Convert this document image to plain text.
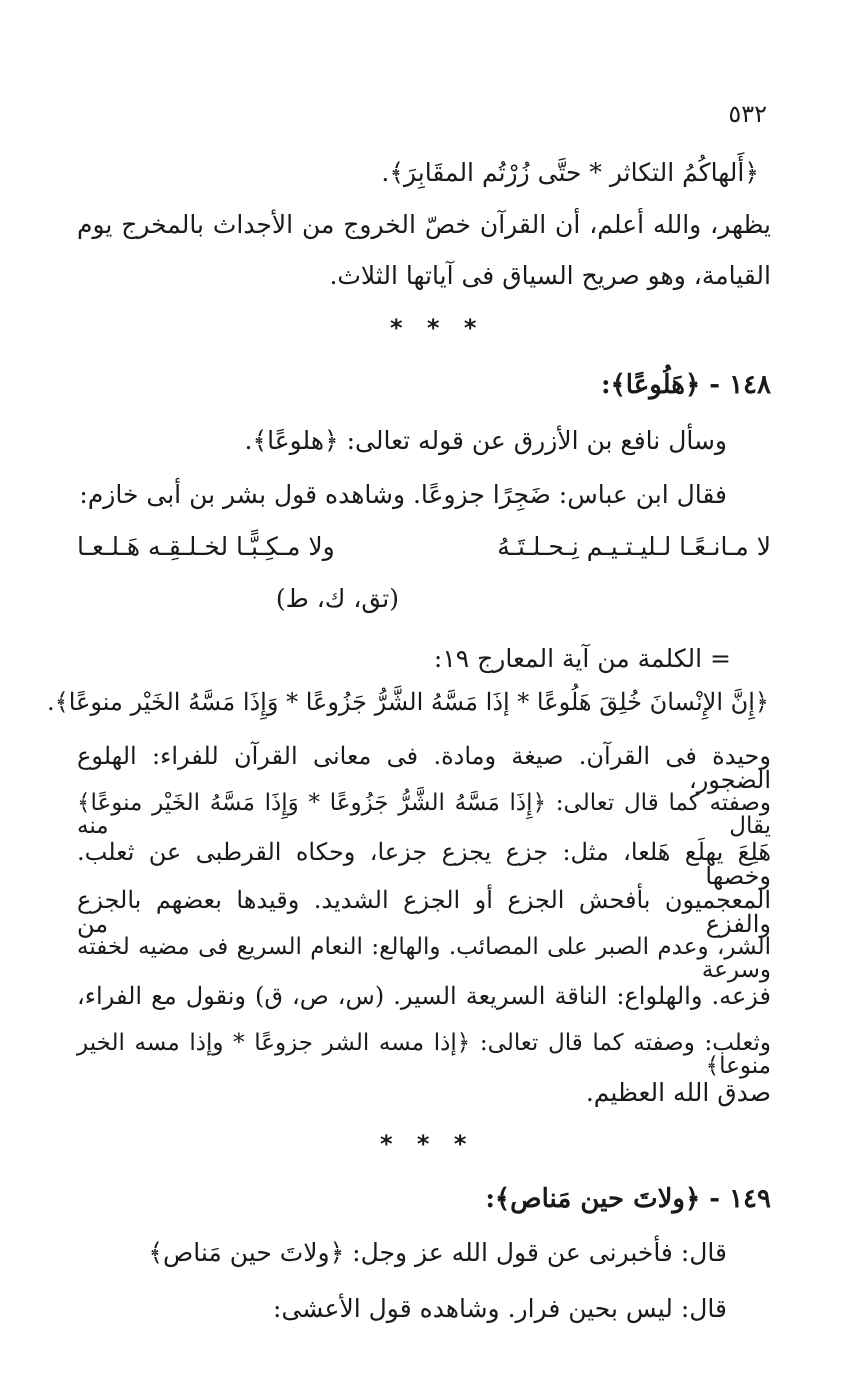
٥٣٢
﴿أَلهاكُمُ التكاثر * حتَّى زُرْتُم المقَابِرَ﴾.
يظهر، والله أعلم، أن القرآن خصّ الخروج من الأجداث بالمخرج يوم
القيامة، وهو صريح السياق فى آياتها الثلاث.
* * *
١٤٨ - ﴿هَلُوعًا﴾:
وسأل نافع بن الأزرق عن قوله تعالى: ﴿هلوعًا﴾.
فقال ابن عباس: ضَجِرًا جزوعًا. وشاهده قول بشر بن أبى خازم:
لا مـانـعًـا لـليـتـيـم نِـحـلـتَـهُ
ولا مـكِـبًّـا لخـلـقِـه هَـلـعـا
(تق، ك، ط)
= الكلمة من آية المعارج ١٩:
﴿إِنَّ الإِنْسانَ خُلِقَ هَلُوعًا * إذَا مَسَّهُ الشَّرُّ جَزُوعًا * وَإِذَا مَسَّهُ الخَيْر منوعًا﴾.
وحيدة فى القرآن. صيغة ومادة. فى معانى القرآن للفراء: الهلوع الضجور،
وصفته كما قال تعالى: ﴿إِذَا مَسَّهُ الشَّرُّ جَزُوعًا * وَإِذَا مَسَّهُ الخَيْر منوعًا﴾ يقال منه
هَلِعَ يهلَع هَلعا، مثل: جزع يجزع جزعا، وحكاه القرطبى عن ثعلب. وخصها
المعجميون بأفحش الجزع أو الجزع الشديد. وقيدها بعضهم بالجزع والفزع من
الشر، وعدم الصبر على المصائب. والهالع: النعام السريع فى مضيه لخفته وسرعة
فزعه. والهلواع: الناقة السريعة السير. (س، ص، ق) ونقول مع الفراء،
وثعلب: وصفته كما قال تعالى: ﴿إذا مسه الشر جزوعًا * وإذا مسه الخير منوعا﴾
صدق الله العظيم.
* * *
١٤٩ - ﴿ولاتَ حين مَناص﴾:
قال: فأخبرنى عن قول الله عز وجل: ﴿ولاتَ حين مَناص﴾
قال: ليس بحين فرار. وشاهده قول الأعشى:
